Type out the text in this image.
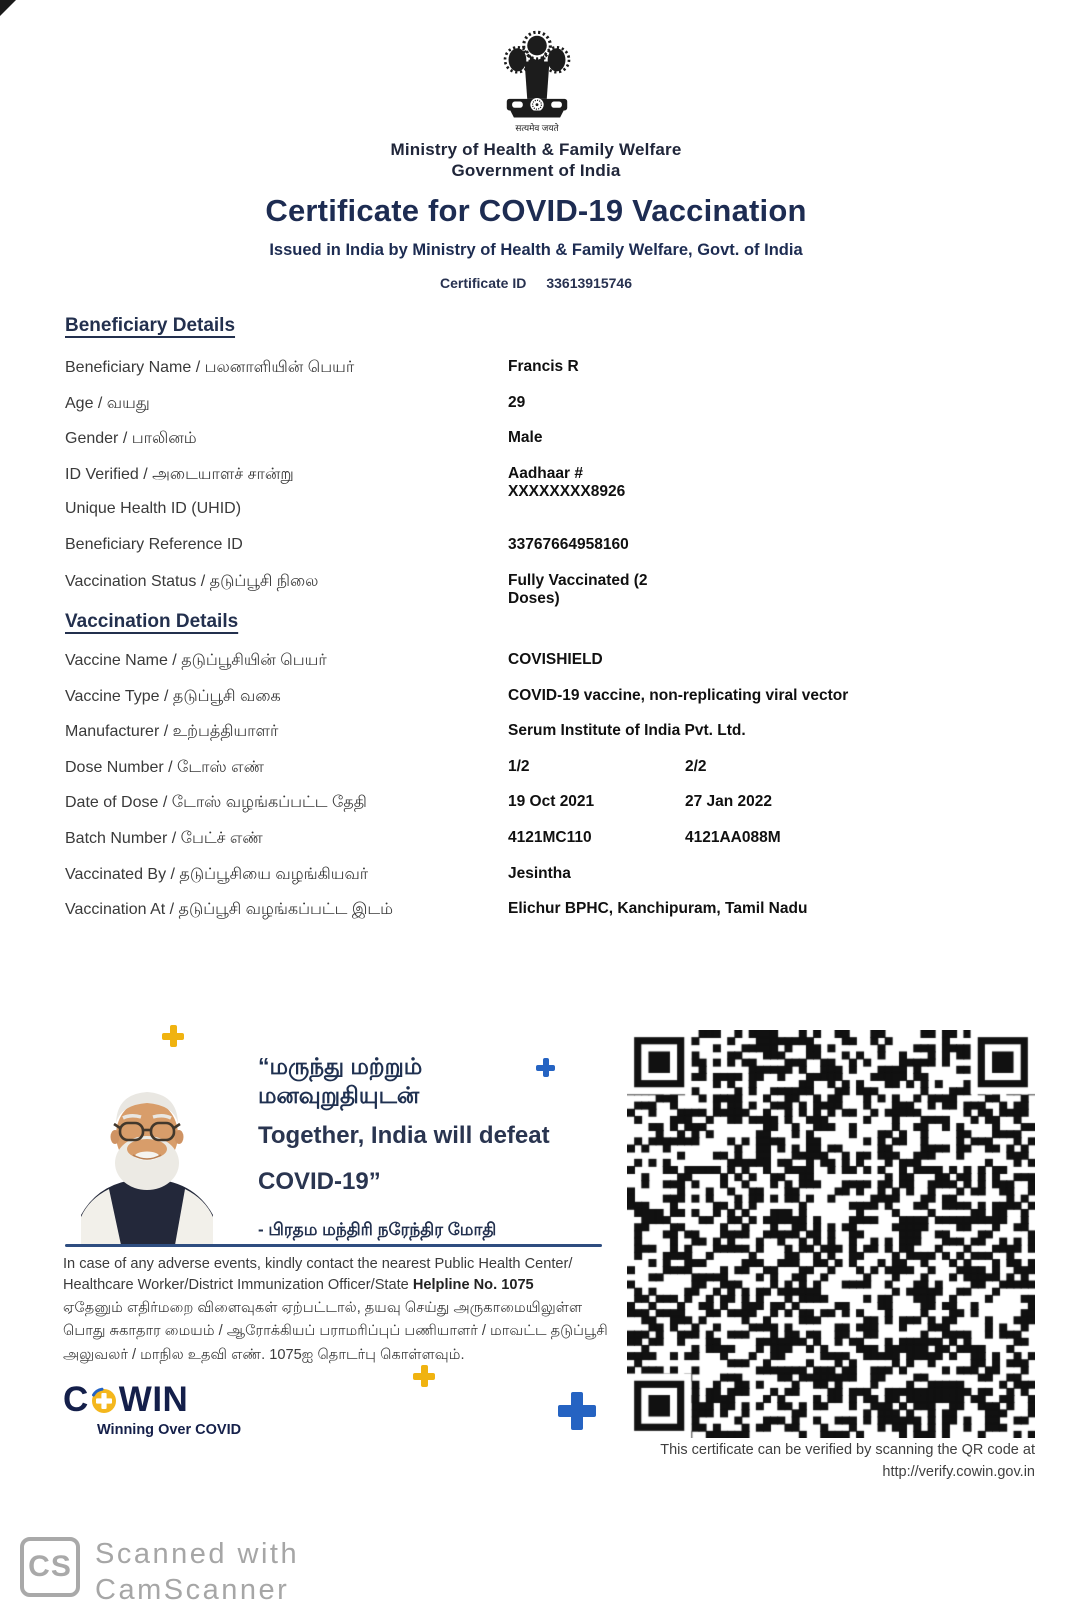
सत्यमेव जयते
Ministry of Health & Family Welfare
Government of India
Certificate for COVID-19 Vaccination
Issued in India by Ministry of Health & Family Welfare, Govt. of India
Certificate ID 33613915746
Beneficiary Details
Beneficiary Name / பலனாளியின் பெயர்	Francis R
Age / வயது	29
Gender / பாலினம்	Male
ID Verified / அடையாளச் சான்று	Aadhaar # XXXXXXXX8926
Unique Health ID (UHID)
Beneficiary Reference ID	33767664958160
Vaccination Status / தடுப்பூசி நிலை	Fully Vaccinated (2 Doses)
Vaccination Details
Vaccine Name / தடுப்பூசியின் பெயர்	COVISHIELD
Vaccine Type / தடுப்பூசி வகை	COVID-19 vaccine, non-replicating viral vector
Manufacturer / உற்பத்தியாளர்	Serum Institute of India Pvt. Ltd.
Dose Number / டோஸ் எண்	1/2	2/2
Date of Dose / டோஸ் வழங்கப்பட்ட தேதி	19 Oct 2021	27 Jan 2022
Batch Number / பேட்ச் எண்	4121MC110	4121AA088M
Vaccinated By / தடுப்பூசியை வழங்கியவர்	Jesintha
Vaccination At / தடுப்பூசி வழங்கப்பட்ட இடம்	Elichur BPHC, Kanchipuram, Tamil Nadu
“மருந்து மற்றும்
மனவுறுதியுடன்
Together, India will defeat
COVID-19”
- பிரதம மந்திரி நரேந்திர மோதி
In case of any adverse events, kindly contact the nearest Public Health Center/ Healthcare Worker/District Immunization Officer/State Helpline No. 1075
ஏதேனும் எதிர்மறை விளைவுகள் ஏற்பட்டால், தயவு செய்து அருகாமையிலுள்ள பொது சுகாதார மையம் / ஆரோக்கியப் பராமரிப்புப் பணியாளர் / மாவட்ட தடுப்பூசி அலுவலர் / மாநில உதவி எண். 1075ஐ தொடர்பு கொள்ளவும்.
C WIN
Winning Over COVID
This certificate can be verified by scanning the QR code at
http://verify.cowin.gov.in
CS Scanned with
CamScanner
